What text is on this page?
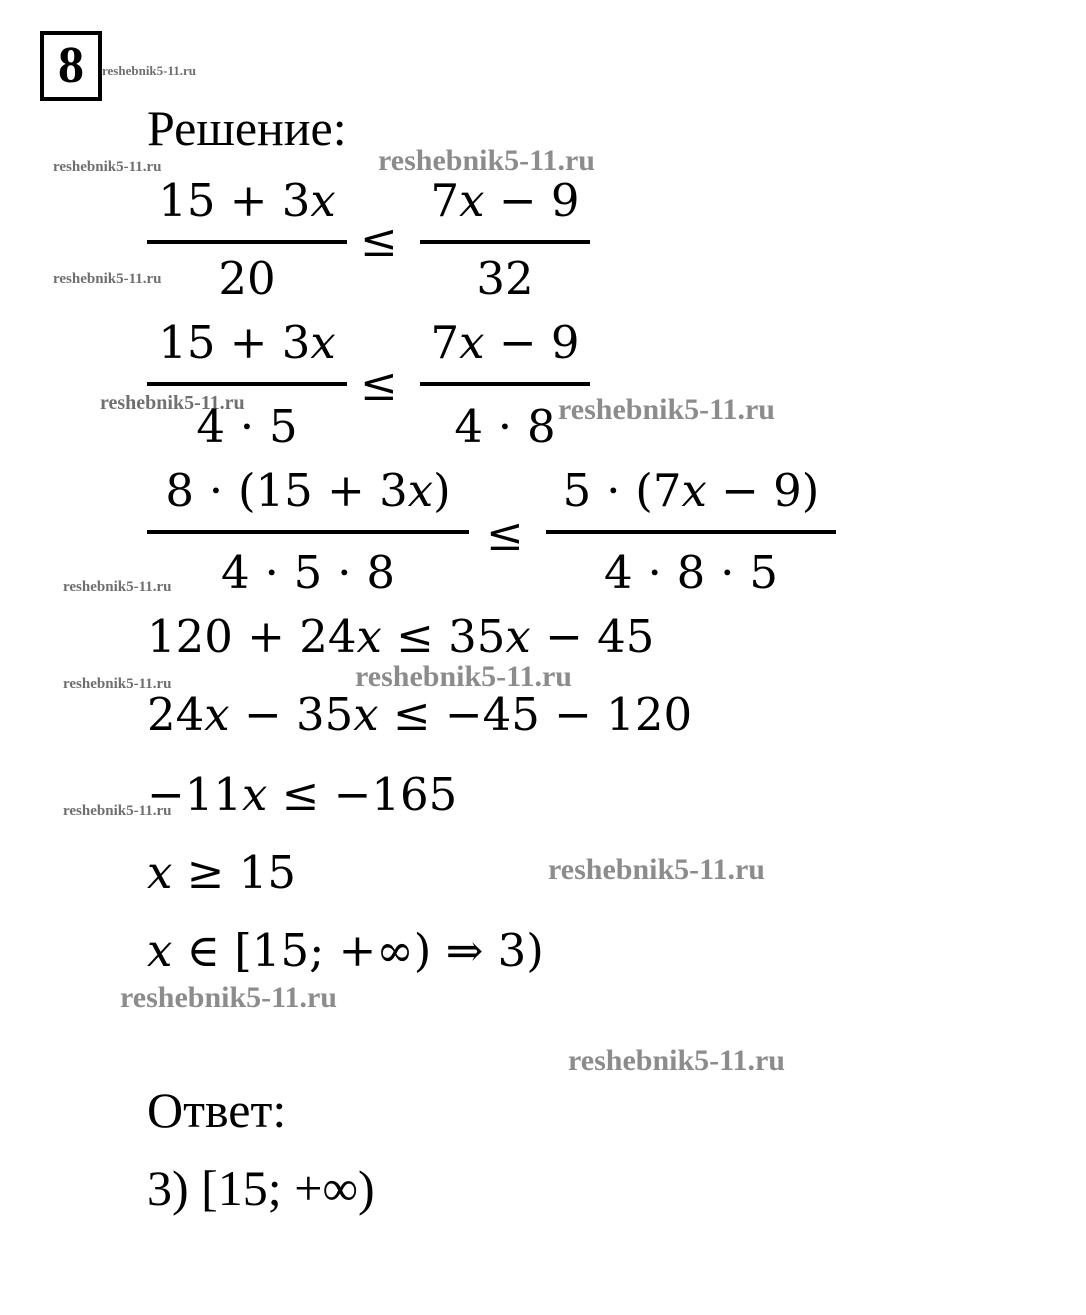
8	reshebnik5-11.ru
reshebnik5-11.ru
reshebnik5-11.ru
reshebnik5-11.ru
reshebnik5-11.ru	reshebnik5-11.ru
reshebnik5-11.ru
reshebnik5-11.ru
reshebnik5-11.ru
reshebnik5-11.ru
reshebnik5-11.ru
reshebnik5-11.ru
reshebnik5-11.ru
Решение:
15 + 3𝑥
20
≤
7𝑥 − 9
32
15 + 3𝑥
4 ⋅ 5
≤
7𝑥 − 9
4 ⋅ 8
8 ⋅ (15 + 3𝑥)
4 ⋅ 5 ⋅ 8
≤
5 ⋅ (7𝑥 − 9)
4 ⋅ 8 ⋅ 5
120 + 24𝑥 ≤ 35𝑥 − 45
24𝑥 − 35𝑥 ≤ −45 − 120
−11𝑥 ≤ −165
𝑥 ≥ 15
𝑥 ∈ [15; +∞) ⇒ 3)
Ответ:
3) [15; +∞)
